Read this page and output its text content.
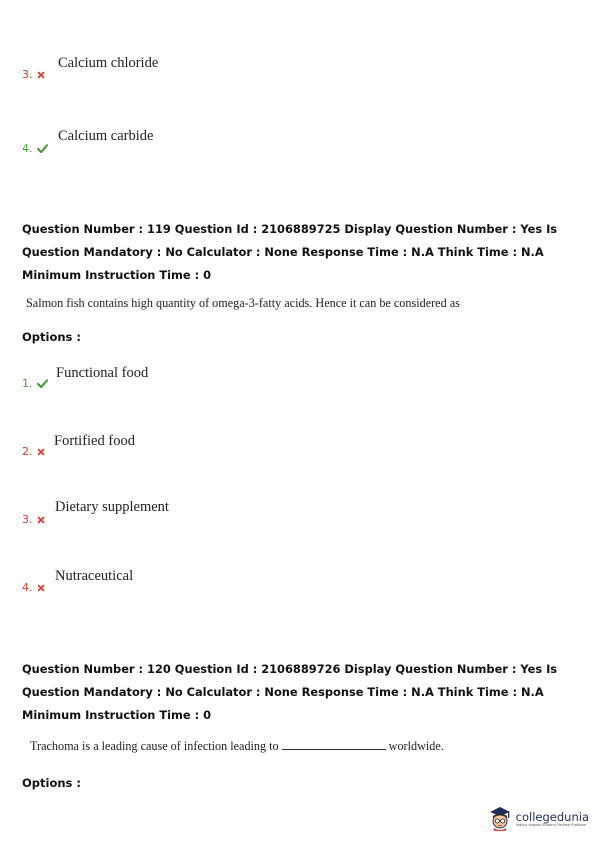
3.
Calcium chloride
4.
Calcium carbide
Question Number : 119 Question Id : 2106889725 Display Question Number : Yes Is Question Mandatory : No Calculator : None Response Time : N.A Think Time : N.A Minimum Instruction Time : 0
Salmon fish contains high quantity of omega-3-fatty acids. Hence it can be considered as
Options :
1.
Functional food
2.
Fortified food
3.
Dietary supplement
4.
Nutraceutical
Question Number : 120 Question Id : 2106889726 Display Question Number : Yes Is Question Mandatory : No Calculator : None Response Time : N.A Think Time : N.A Minimum Instruction Time : 0
Trachoma is a leading cause of infection leading to	worldwide.
Options :
collegedunia
India's largest Student Review Platform
